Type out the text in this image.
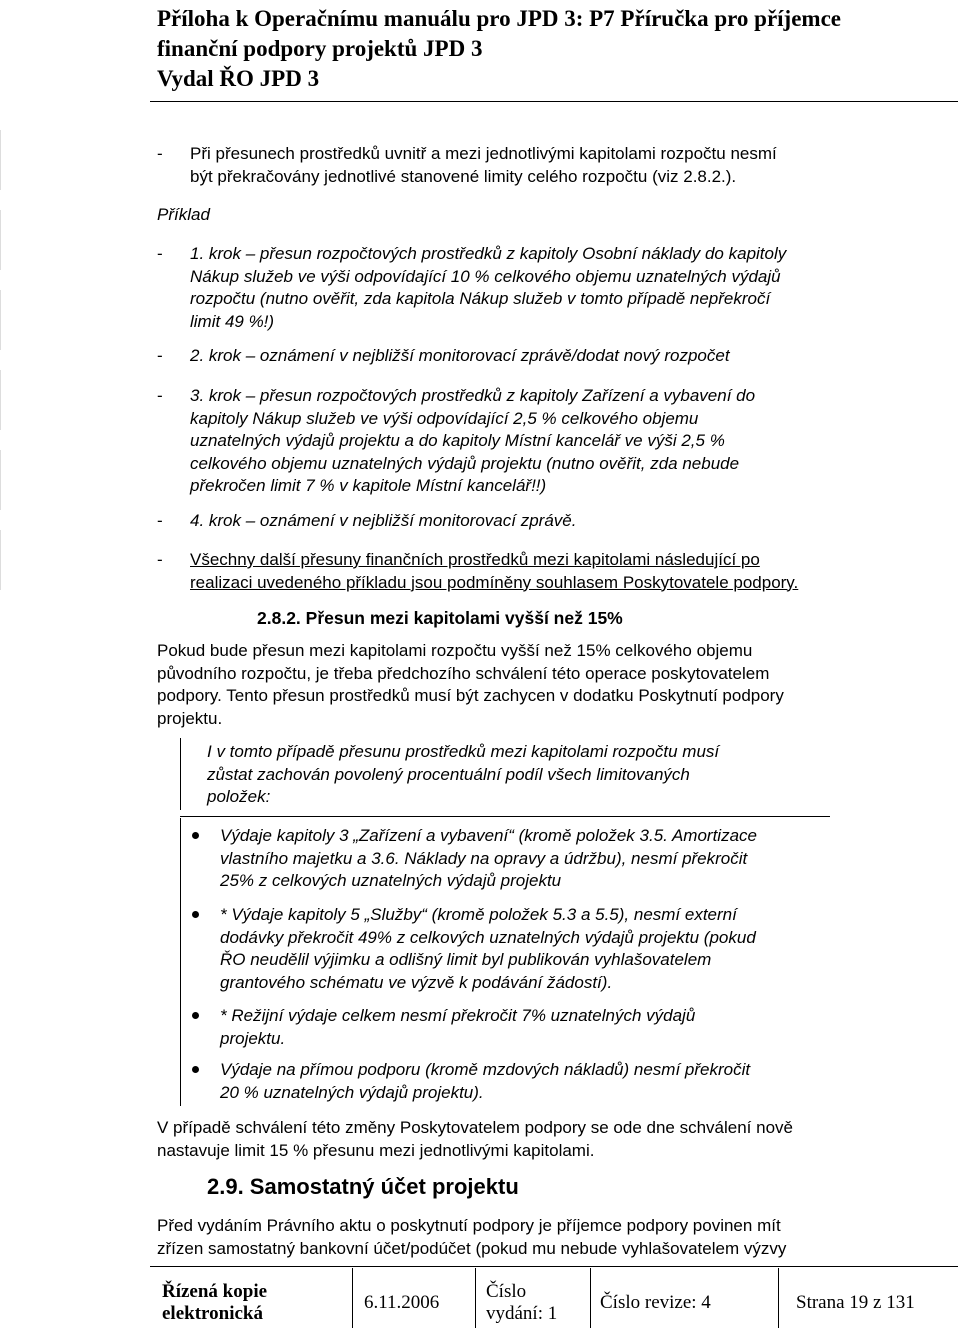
Příloha k Operačnímu manuálu pro JPD 3: P7 Příručka pro příjemce
finanční podpory projektů JPD 3
Vydal ŘO JPD 3
- Při přesunech prostředků uvnitř a mezi jednotlivými kapitolami rozpočtu nesmí
být překračovány jednotlivé stanovené limity celého rozpočtu (viz 2.8.2.).
Příklad
- 1. krok – přesun rozpočtových prostředků z kapitoly Osobní náklady do kapitoly
Nákup služeb ve výši odpovídající 10 % celkového objemu uznatelných výdajů
rozpočtu (nutno ověřit, zda kapitola Nákup služeb v tomto případě nepřekročí
limit 49 %!)
- 2. krok – oznámení v nejbližší monitorovací zprávě/dodat nový rozpočet
- 3. krok – přesun rozpočtových prostředků z kapitoly Zařízení a vybavení do
kapitoly Nákup služeb ve výši odpovídající 2,5 % celkového objemu
uznatelných výdajů projektu a do kapitoly Místní kancelář ve výši 2,5 %
celkového objemu uznatelných výdajů projektu (nutno ověřit, zda nebude
překročen limit 7 % v kapitole Místní kancelář!!)
- 4. krok – oznámení v nejbližší monitorovací zprávě.
- Všechny další přesuny finančních prostředků mezi kapitolami následující po
realizaci uvedeného příkladu jsou podmíněny souhlasem Poskytovatele podpory.
2.8.2. Přesun mezi kapitolami vyšší než 15%
Pokud bude přesun mezi kapitolami rozpočtu vyšší než 15% celkového objemu
původního rozpočtu, je třeba předchozího schválení této operace poskytovatelem
podpory. Tento přesun prostředků musí být zachycen v dodatku Poskytnutí podpory
projektu.
I v tomto případě přesunu prostředků mezi kapitolami rozpočtu musí
zůstat zachován povolený procentuální podíl všech limitovaných
položek:
Výdaje kapitoly 3 „Zařízení a vybavení“ (kromě položek 3.5. Amortizace
vlastního majetku a 3.6. Náklady na opravy a údržbu), nesmí překročit
25% z celkových uznatelných výdajů projektu
* Výdaje kapitoly 5 „Služby“ (kromě položek 5.3 a 5.5), nesmí externí
dodávky překročit 49% z celkových uznatelných výdajů projektu (pokud
ŘO neudělil výjimku a odlišný limit byl publikován vyhlašovatelem
grantového schématu ve výzvě k podávání žádostí).
* Režijní výdaje celkem nesmí překročit 7% uznatelných výdajů
projektu.
Výdaje na přímou podporu (kromě mzdových nákladů) nesmí překročit
20 % uznatelných výdajů projektu).
V případě schválení této změny Poskytovatelem podpory se ode dne schválení nově
nastavuje limit 15 % přesunu mezi jednotlivými kapitolami.
2.9. Samostatný účet projektu
Před vydáním Právního aktu o poskytnutí podpory je příjemce podpory povinen mít
zřízen samostatný bankovní účet/podúčet (pokud mu nebude vyhlašovatelem výzvy
Řízená kopie
elektronická
6.11.2006
Číslo
vydání: 1
Číslo revize: 4	Strana 19 z 131
